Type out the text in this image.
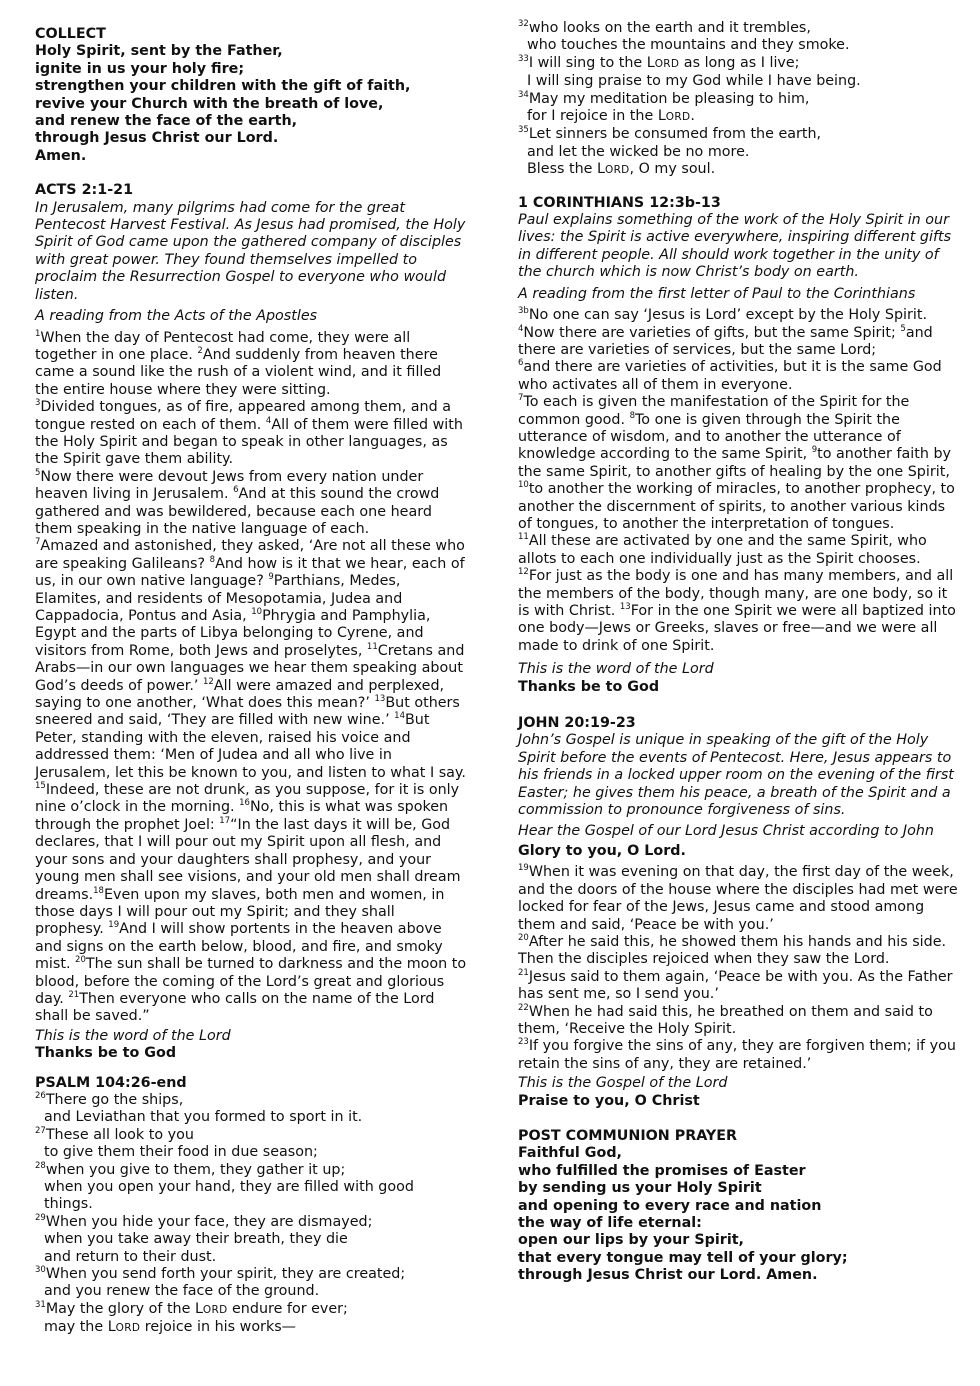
COLLECT
Holy Spirit, sent by the Father,
ignite in us your holy fire;
strengthen your children with the gift of faith,
revive your Church with the breath of love,
and renew the face of the earth,
through Jesus Christ our Lord.
Amen.
ACTS 2:1-21
In Jerusalem, many pilgrims had come for the great Pentecost Harvest Festival. As Jesus had promised, the Holy Spirit of God came upon the gathered company of disciples with great power. They found themselves impelled to proclaim the Resurrection Gospel to everyone who would listen.
A reading from the Acts of the Apostles
$^1$When the day of Pentecost had come, they were all together in one place. $^2$And suddenly from heaven there came a sound like the rush of a violent wind, and it filled the entire house where they were sitting.
$^3$Divided tongues, as of fire, appeared among them, and a tongue rested on each of them. $^4$All of them were filled with the Holy Spirit and began to speak in other languages, as the Spirit gave them ability.
$^5$Now there were devout Jews from every nation under heaven living in Jerusalem. $^6$And at this sound the crowd gathered and was bewildered, because each one heard them speaking in the native language of each.
$^7$Amazed and astonished, they asked, ‘Are not all these who are speaking Galileans? $^8$And how is it that we hear, each of us, in our own native language? $^9$Parthians, Medes, Elamites, and residents of Mesopotamia, Judea and Cappadocia, Pontus and Asia, $^{10}$Phrygia and Pamphylia, Egypt and the parts of Libya belonging to Cyrene, and visitors from Rome, both Jews and proselytes, $^{11}$Cretans and Arabs—in our own languages we hear them speaking about God’s deeds of power.’ $^{12}$All were amazed and perplexed, saying to one another, ‘What does this mean?’ $^{13}$But others sneered and said, ‘They are filled with new wine.’ $^{14}$But Peter, standing with the eleven, raised his voice and addressed them: ‘Men of Judea and all who live in Jerusalem, let this be known to you, and listen to what I say. $^{15}$Indeed, these are not drunk, as you suppose, for it is only nine o’clock in the morning. $^{16}$No, this is what was spoken through the prophet Joel: $^{17}$“In the last days it will be, God declares, that I will pour out my Spirit upon all flesh, and your sons and your daughters shall prophesy, and your young men shall see visions, and your old men shall dream dreams.$^{18}$Even upon my slaves, both men and women, in those days I will pour out my Spirit; and they shall prophesy. $^{19}$And I will show portents in the heaven above and signs on the earth below, blood, and fire, and smoky mist. $^{20}$The sun shall be turned to darkness and the moon to blood, before the coming of the Lord’s great and glorious day. $^{21}$Then everyone who calls on the name of the Lord shall be saved.”
This is the word of the Lord
Thanks be to God
PSALM 104:26-end
$^{26}$There go the ships,
and Leviathan that you formed to sport in it.
$^{27}$These all look to you
to give them their food in due season;
$^{28}$when you give to them, they gather it up;
when you open your hand, they are filled with good things.
$^{29}$When you hide your face, they are dismayed;
when you take away their breath, they die
and return to their dust.
$^{30}$When you send forth your spirit, they are created;
and you renew the face of the ground.
$^{31}$May the glory of the LORD endure for ever;
may the LORD rejoice in his works—
$^{32}$who looks on the earth and it trembles,
who touches the mountains and they smoke.
$^{33}$I will sing to the LORD as long as I live;
I will sing praise to my God while I have being.
$^{34}$May my meditation be pleasing to him,
for I rejoice in the LORD.
$^{35}$Let sinners be consumed from the earth,
and let the wicked be no more.
Bless the LORD, O my soul.
1 CORINTHIANS 12:3b-13
Paul explains something of the work of the Holy Spirit in our lives: the Spirit is active everywhere, inspiring different gifts in different people. All should work together in the unity of the church which is now Christ’s body on earth.
A reading from the first letter of Paul to the Corinthians
$^{3b}$No one can say ‘Jesus is Lord’ except by the Holy Spirit.
$^4$Now there are varieties of gifts, but the same Spirit; $^5$and there are varieties of services, but the same Lord;
$^6$and there are varieties of activities, but it is the same God who activates all of them in everyone.
$^7$To each is given the manifestation of the Spirit for the common good. $^8$To one is given through the Spirit the utterance of wisdom, and to another the utterance of knowledge according to the same Spirit, $^9$to another faith by the same Spirit, to another gifts of healing by the one Spirit, $^{10}$to another the working of miracles, to another prophecy, to another the discernment of spirits, to another various kinds of tongues, to another the interpretation of tongues.
$^{11}$All these are activated by one and the same Spirit, who allots to each one individually just as the Spirit chooses.
$^{12}$For just as the body is one and has many members, and all the members of the body, though many, are one body, so it is with Christ. $^{13}$For in the one Spirit we were all baptized into one body—Jews or Greeks, slaves or free—and we were all made to drink of one Spirit.
This is the word of the Lord
Thanks be to God
JOHN 20:19-23
John’s Gospel is unique in speaking of the gift of the Holy Spirit before the events of Pentecost. Here, Jesus appears to his friends in a locked upper room on the evening of the first Easter; he gives them his peace, a breath of the Spirit and a commission to pronounce forgiveness of sins.
Hear the Gospel of our Lord Jesus Christ according to John
Glory to you, O Lord.
$^{19}$When it was evening on that day, the first day of the week, and the doors of the house where the disciples had met were locked for fear of the Jews, Jesus came and stood among them and said, ‘Peace be with you.’
$^{20}$After he said this, he showed them his hands and his side. Then the disciples rejoiced when they saw the Lord.
$^{21}$Jesus said to them again, ‘Peace be with you. As the Father has sent me, so I send you.’
$^{22}$When he had said this, he breathed on them and said to them, ‘Receive the Holy Spirit.
$^{23}$If you forgive the sins of any, they are forgiven them; if you retain the sins of any, they are retained.’
This is the Gospel of the Lord
Praise to you, O Christ
POST COMMUNION PRAYER
Faithful God,
who fulfilled the promises of Easter
by sending us your Holy Spirit
and opening to every race and nation
the way of life eternal:
open our lips by your Spirit,
that every tongue may tell of your glory;
through Jesus Christ our Lord. Amen.
